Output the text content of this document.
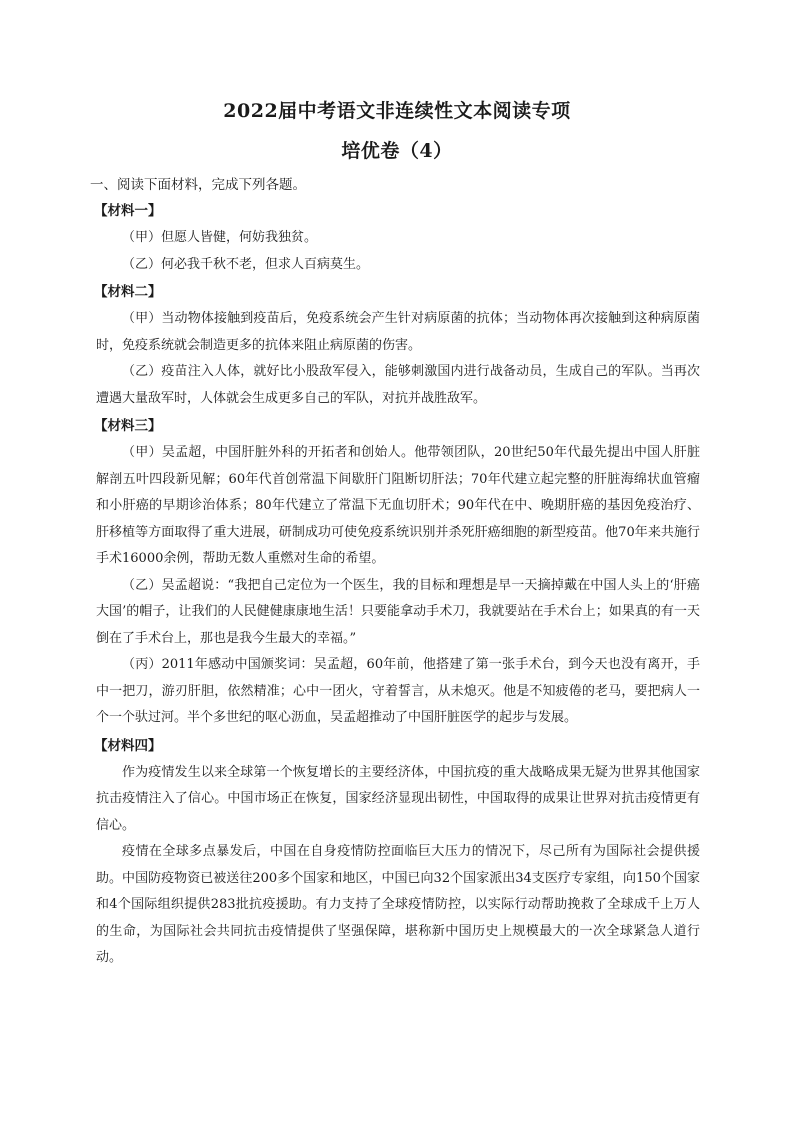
2022届中考语文非连续性文本阅读专项
培优卷（4）
一、阅读下面材料，完成下列各题。
【材料一】

（甲）但愿人皆健，何妨我独贫。

（乙）何必我千秋不老，但求人百病莫生。

【材料二】

（甲）当动物体接触到疫苗后，免疫系统会产生针对病原菌的抗体；当动物体再次接触到这种病原菌时，免疫系统就会制造更多的抗体来阻止病原菌的伤害。

（乙）疫苗注入人体，就好比小股敌军侵入，能够刺激国内进行战备动员，生成自己的军队。当再次遭遇大量敌军时，人体就会生成更多自己的军队，对抗并战胜敌军。

【材料三】

（甲）吴孟超，中国肝脏外科的开拓者和创始人。他带领团队，20世纪50年代最先提出中国人肝脏解剖五叶四段新见解；60年代首创常温下间歇肝门阻断切肝法；70年代建立起完整的肝脏海绵状血管瘤和小肝癌的早期诊治体系；80年代建立了常温下无血切肝术；90年代在中、晚期肝癌的基因免疫治疗、肝移植等方面取得了重大进展，研制成功可使免疫系统识别并杀死肝癌细胞的新型疫苗。他70年来共施行手术16000余例，帮助无数人重燃对生命的希望。

（乙）吴孟超说：“我把自己定位为一个医生，我的目标和理想是早一天摘掉戴在中国人头上的‘肝癌大国’的帽子，让我们的人民健健康康地生活！只要能拿动手术刀，我就要站在手术台上；如果真的有一天倒在了手术台上，那也是我今生最大的幸福。”

（丙）2011年感动中国颁奖词：吴孟超，60年前，他搭建了第一张手术台，到今天也没有离开，手中一把刀，游刃肝胆，依然精准；心中一团火，守着誓言，从未熄灭。他是不知疲倦的老马，要把病人一个一个驮过河。半个多世纪的呕心沥血，吴孟超推动了中国肝脏医学的起步与发展。

【材料四】

作为疫情发生以来全球第一个恢复增长的主要经济体，中国抗疫的重大战略成果无疑为世界其他国家抗击疫情注入了信心。中国市场正在恢复，国家经济显现出韧性，中国取得的成果让世界对抗击疫情更有信心。

疫情在全球多点暴发后，中国在自身疫情防控面临巨大压力的情况下，尽己所有为国际社会提供援助。中国防疫物资已被送往200多个国家和地区，中国已向32个国家派出34支医疗专家组，向150个国家和4个国际组织提供283批抗疫援助。有力支持了全球疫情防控，以实际行动帮助挽救了全球成千上万人的生命，为国际社会共同抗击疫情提供了坚强保障，堪称新中国历史上规模最大的一次全球紧急人道行动。
